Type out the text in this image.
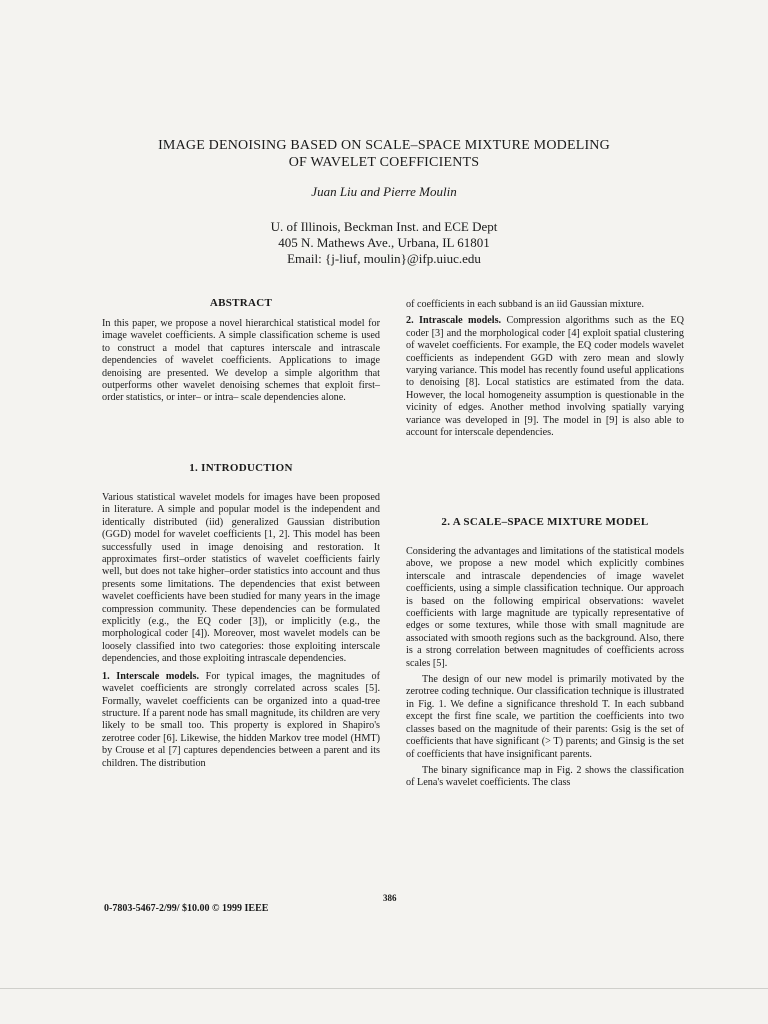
IMAGE DENOISING BASED ON SCALE–SPACE MIXTURE MODELING
OF WAVELET COEFFICIENTS
Juan Liu and Pierre Moulin
U. of Illinois, Beckman Inst. and ECE Dept
405 N. Mathews Ave., Urbana, IL 61801
Email: {j-liuf, moulin}@ifp.uiuc.edu
ABSTRACT

In this paper, we propose a novel hierarchical statistical model for image wavelet coefficients. A simple classification scheme is used to construct a model that captures interscale and intrascale dependencies of wavelet coefficients. Applications to image denoising are presented. We develop a simple algorithm that outperforms other wavelet denoising schemes that exploit first–order statistics, or inter– or intra– scale dependencies alone.

1. INTRODUCTION

Various statistical wavelet models for images have been proposed in literature. A simple and popular model is the independent and identically distributed (iid) generalized Gaussian distribution (GGD) model for wavelet coefficients [1, 2]. This model has been successfully used in image denoising and restoration. It approximates first–order statistics of wavelet coefficients fairly well, but does not take higher–order statistics into account and thus presents some limitations. The dependencies that exist between wavelet coefficients have been studied for many years in the image compression community. These dependencies can be formulated explicitly (e.g., the EQ coder [3]), or implicitly (e.g., the morphological coder [4]). Moreover, most wavelet models can be loosely classified into two categories: those exploiting interscale dependencies, and those exploiting intrascale dependencies.

1. Interscale models. For typical images, the magnitudes of wavelet coefficients are strongly correlated across scales [5]. Formally, wavelet coefficients can be organized into a quad-tree structure. If a parent node has small magnitude, its children are very likely to be small too. This property is explored in Shapiro's zerotree coder [6]. Likewise, the hidden Markov tree model (HMT) by Crouse et al [7] captures dependencies between a parent and its children. The distribution

of coefficients in each subband is an iid Gaussian mixture.

2. Intrascale models. Compression algorithms such as the EQ coder [3] and the morphological coder [4] exploit spatial clustering of wavelet coefficients. For example, the EQ coder models wavelet coefficients as independent GGD with zero mean and slowly varying variance. This model has recently found useful applications to denoising [8]. Local statistics are estimated from the data. However, the local homogeneity assumption is questionable in the vicinity of edges. Another method involving spatially varying variance was developed in [9]. The model in [9] is also able to account for interscale dependencies.

2. A SCALE–SPACE MIXTURE MODEL

Considering the advantages and limitations of the statistical models above, we propose a new model which explicitly combines interscale and intrascale dependencies of image wavelet coefficients, using a simple classification technique. Our approach is based on the following empirical observations: wavelet coefficients with large magnitude are typically representative of edges or some textures, while those with small magnitude are associated with smooth regions such as the background. Also, there is a strong correlation between magnitudes of coefficients across scales [5].

The design of our new model is primarily motivated by the zerotree coding technique. Our classification technique is illustrated in Fig. 1. We define a significance threshold T. In each subband except the first fine scale, we partition the coefficients into two classes based on the magnitude of their parents: Gsig is the set of coefficients that have significant (> T) parents; and Ginsig is the set of coefficients that have insignificant parents.

The binary significance map in Fig. 2 shows the classification of Lena's wavelet coefficients. The class

386
0-7803-5467-2/99/ $10.00 © 1999 IEEE
